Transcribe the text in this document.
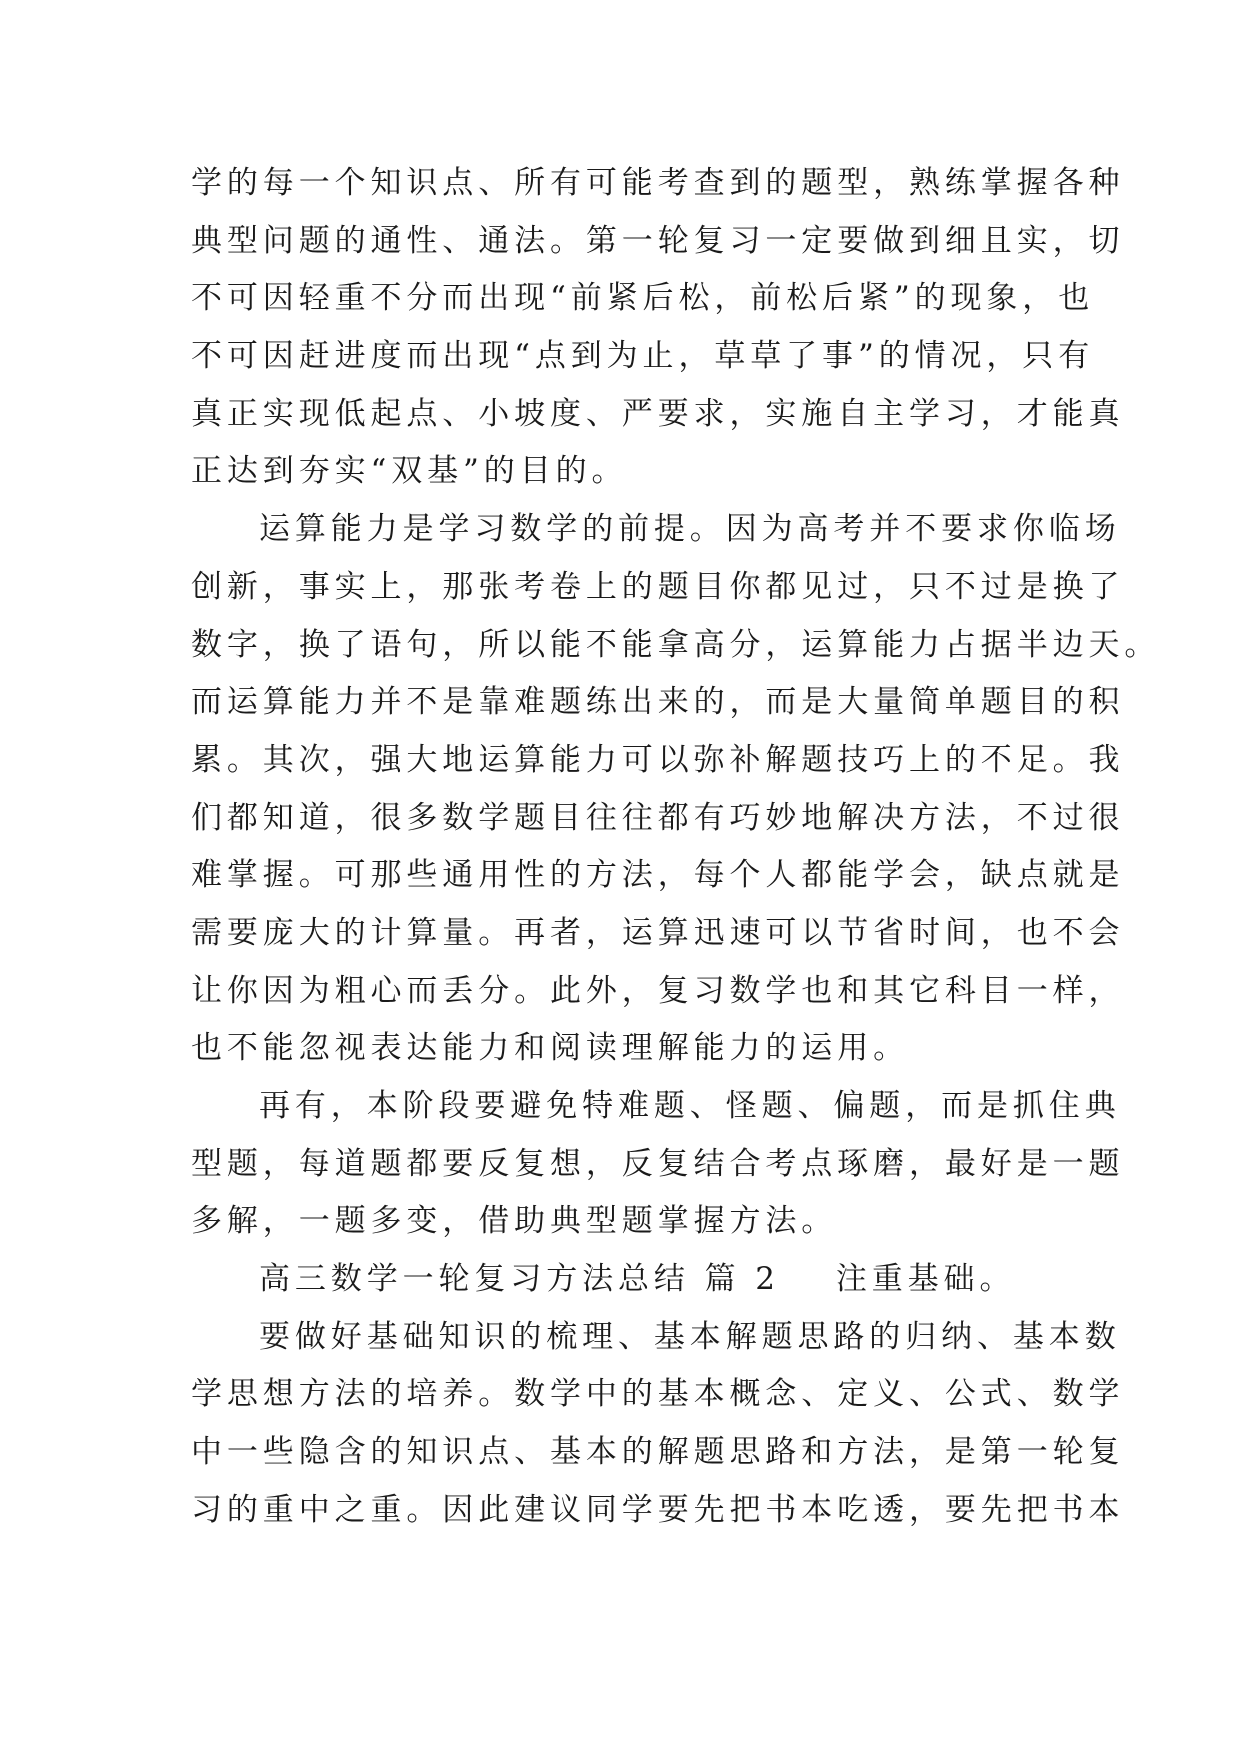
学的每一个知识点、所有可能考查到的题型，熟练掌握各种
典型问题的通性、通法。第一轮复习一定要做到细且实，切
不可因轻重不分而出现“前紧后松，前松后紧”的现象，也
不可因赶进度而出现“点到为止，草草了事”的情况，只有
真正实现低起点、小坡度、严要求，实施自主学习，才能真
正达到夯实“双基”的目的。
运算能力是学习数学的前提。因为高考并不要求你临场
创新，事实上，那张考卷上的题目你都见过，只不过是换了
数字，换了语句，所以能不能拿高分，运算能力占据半边天。
而运算能力并不是靠难题练出来的，而是大量简单题目的积
累。其次，强大地运算能力可以弥补解题技巧上的不足。我
们都知道，很多数学题目往往都有巧妙地解决方法，不过很
难掌握。可那些通用性的方法，每个人都能学会，缺点就是
需要庞大的计算量。再者，运算迅速可以节省时间，也不会
让你因为粗心而丢分。此外，复习数学也和其它科目一样，
也不能忽视表达能力和阅读理解能力的运用。
再有，本阶段要避免特难题、怪题、偏题，而是抓住典
型题，每道题都要反复想，反复结合考点琢磨，最好是一题
多解，一题多变，借助典型题掌握方法。
高三数学一轮复习方法总结 篇 2 注重基础。
要做好基础知识的梳理、基本解题思路的归纳、基本数
学思想方法的培养。数学中的基本概念、定义、公式、数学
中一些隐含的知识点、基本的解题思路和方法，是第一轮复
习的重中之重。因此建议同学要先把书本吃透，要先把书本
